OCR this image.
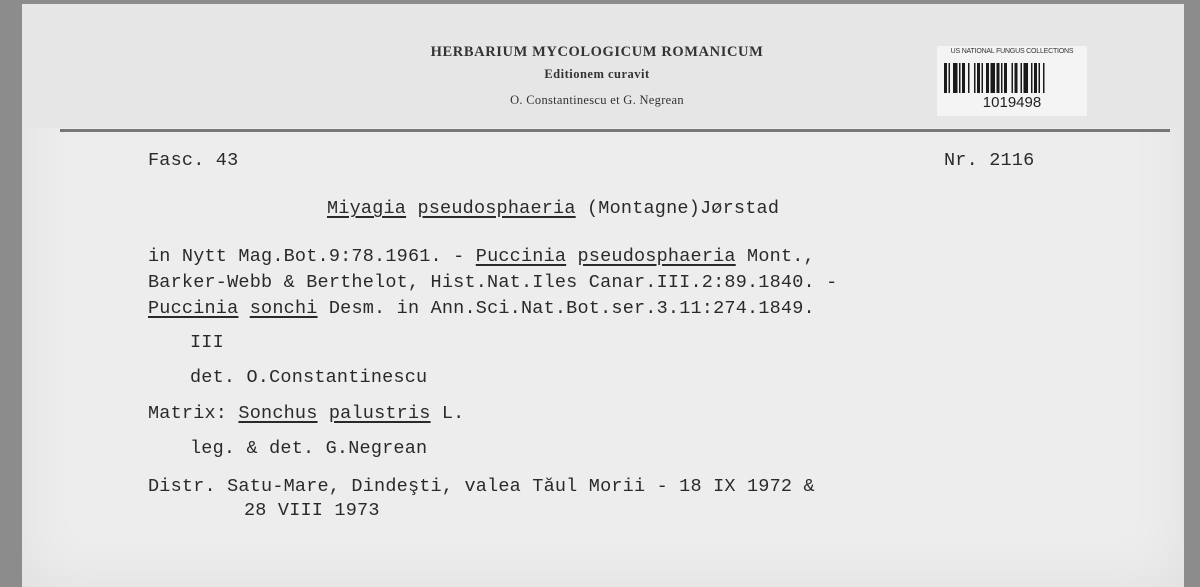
HERBARIUM MYCOLOGICUM ROMANICUM
Editionem curavit
O. Constantinescu et G. Negrean
US NATIONAL FUNGUS COLLECTIONS
1019498
Fasc. 43	Nr. 2116
Miyagia pseudosphaeria (Montagne)Jørstad
in Nytt Mag.Bot.9:78.1961. - Puccinia pseudosphaeria Mont.,
Barker-Webb & Berthelot, Hist.Nat.Iles Canar.III.2:89.1840. -
Puccinia sonchi Desm. in Ann.Sci.Nat.Bot.ser.3.11:274.1849.
III
det. O.Constantinescu
Matrix: Sonchus palustris L.
leg. & det. G.Negrean
Distr. Satu-Mare, Dindeşti, valea Tăul Morii - 18 IX 1972 &
28 VIII 1973
